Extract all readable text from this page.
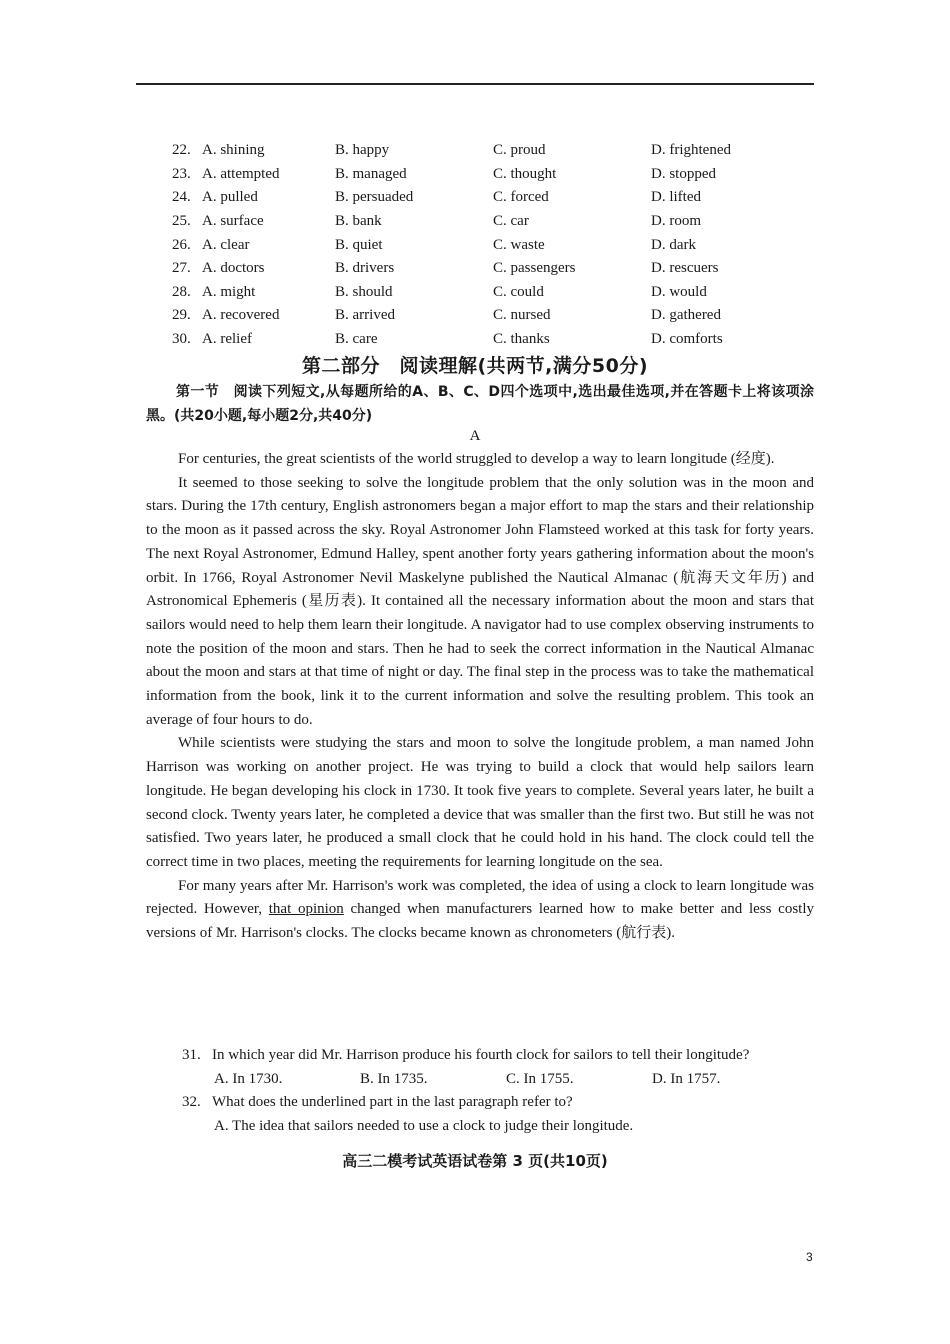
22. A. shining	B. happy	C. proud	D. frightened
23. A. attempted	B. managed	C. thought	D. stopped
24. A. pulled	B. persuaded	C. forced	D. lifted
25. A. surface	B. bank	C. car	D. room
26. A. clear	B. quiet	C. waste	D. dark
27. A. doctors	B. drivers	C. passengers	D. rescuers
28. A. might	B. should	C. could	D. would
29. A. recovered	B. arrived	C. nursed	D. gathered
30. A. relief	B. care	C. thanks	D. comforts
第二部分　阅读理解(共两节,满分50分)
第一节　阅读下列短文,从每题所给的A、B、C、D四个选项中,选出最佳选项,并在答题卡上将该项涂黑。(共20小题,每小题2分,共40分)
A

For centuries, the great scientists of the world struggled to develop a way to learn longitude (经度).

It seemed to those seeking to solve the longitude problem that the only solution was in the moon and stars. During the 17th century, English astronomers began a major effort to map the stars and their relationship to the moon as it passed across the sky. Royal Astronomer John Flamsteed worked at this task for forty years. The next Royal Astronomer, Edmund Halley, spent another forty years gathering information about the moon's orbit. In 1766, Royal Astronomer Nevil Maskelyne published the Nautical Almanac (航海天文年历) and Astronomical Ephemeris (星历表). It contained all the necessary information about the moon and stars that sailors would need to help them learn their longitude. A navigator had to use complex observing instruments to note the position of the moon and stars. Then he had to seek the correct information in the Nautical Almanac about the moon and stars at that time of night or day. The final step in the process was to take the mathematical information from the book, link it to the current information and solve the resulting problem. This took an average of four hours to do.

While scientists were studying the stars and moon to solve the longitude problem, a man named John Harrison was working on another project. He was trying to build a clock that would help sailors learn longitude. He began developing his clock in 1730. It took five years to complete. Several years later, he built a second clock. Twenty years later, he completed a device that was smaller than the first two. But still he was not satisfied. Two years later, he produced a small clock that he could hold in his hand. The clock could tell the correct time in two places, meeting the requirements for learning longitude on the sea.

For many years after Mr. Harrison's work was completed, the idea of using a clock to learn longitude was rejected. However, that opinion changed when manufacturers learned how to make better and less costly versions of Mr. Harrison's clocks. The clocks became known as chronometers (航行表).

31. In which year did Mr. Harrison produce his fourth clock for sailors to tell their longitude?
A. In 1730.	B. In 1735.	C. In 1755.	D. In 1757.
32. What does the underlined part in the last paragraph refer to?
A. The idea that sailors needed to use a clock to judge their longitude.
高三二模考试英语试卷第 3 页(共10页)
3
